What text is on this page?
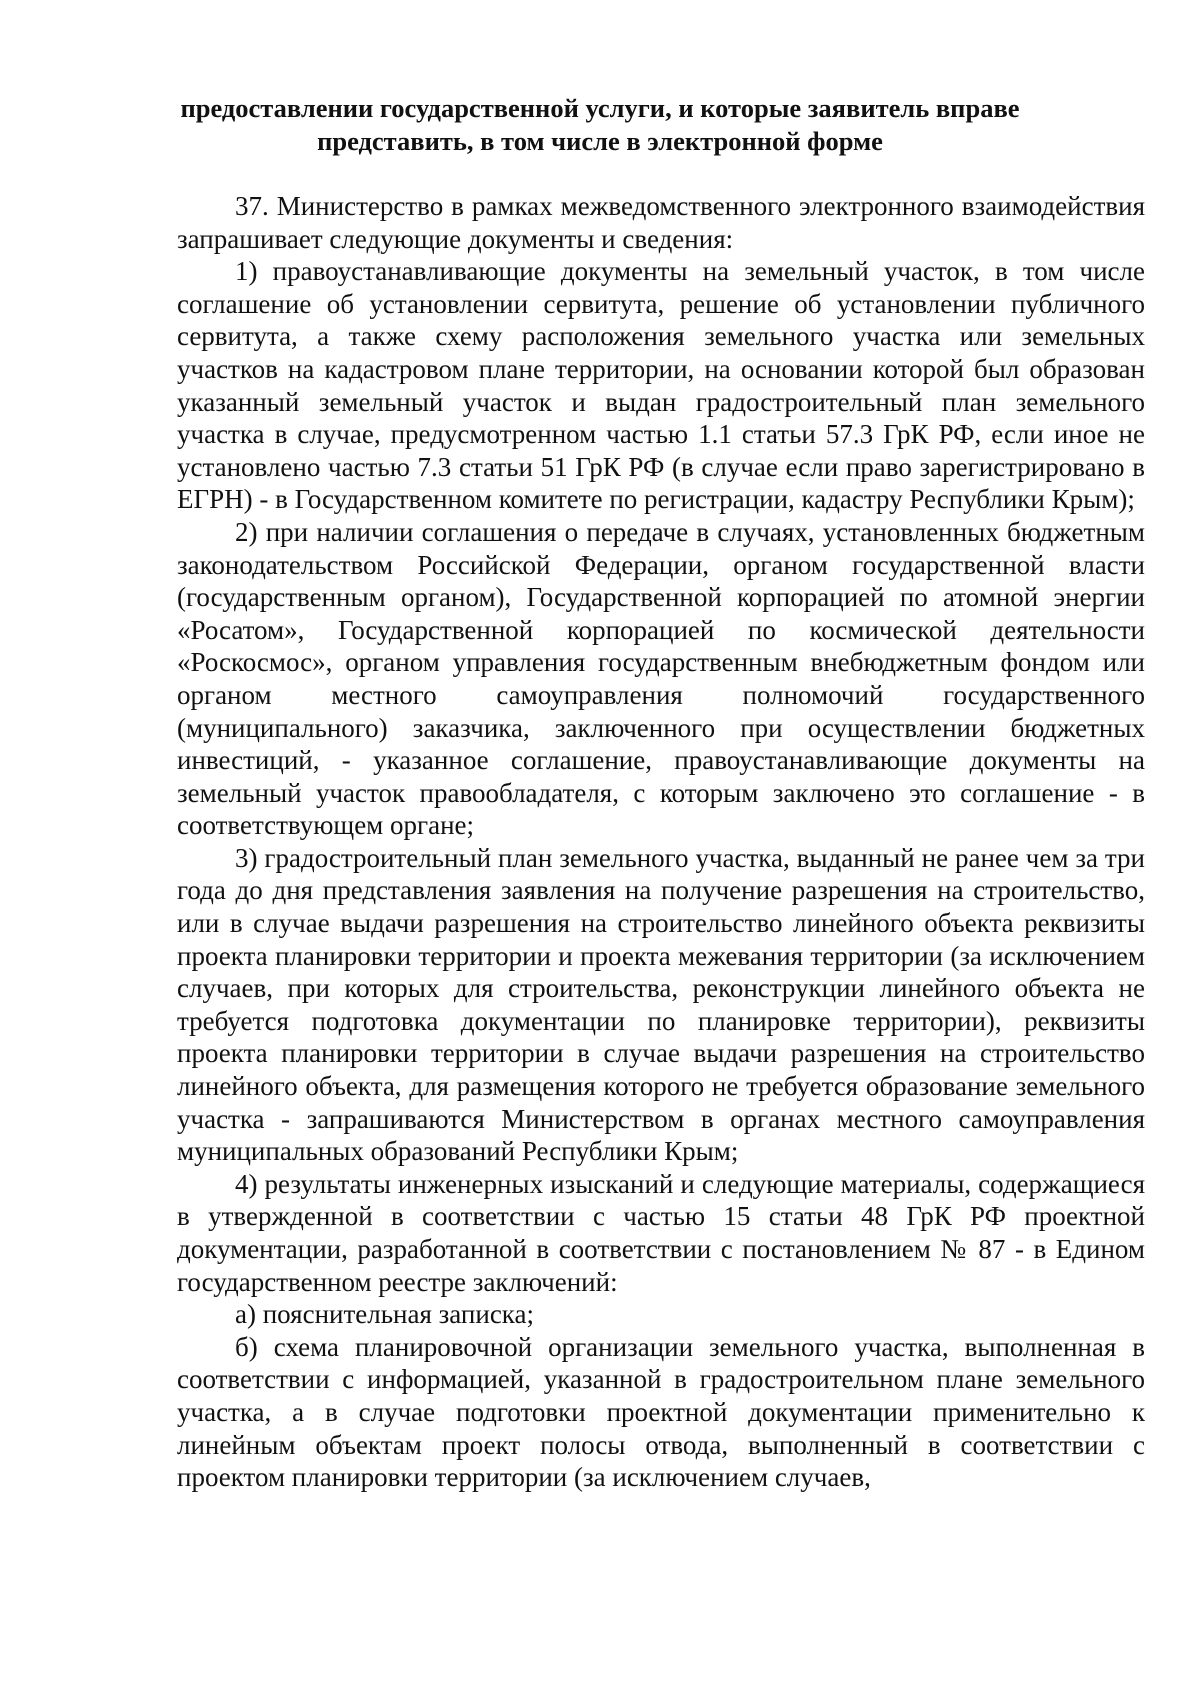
предоставлении государственной услуги, и которые заявитель вправе
представить, в том числе в электронной форме

37. Министерство в рамках межведомственного электронного взаимодействия запрашивает следующие документы и сведения:

1) правоустанавливающие документы на земельный участок, в том числе соглашение об установлении сервитута, решение об установлении публичного сервитута, а также схему расположения земельного участка или земельных участков на кадастровом плане территории, на основании которой был образован указанный земельный участок и выдан градостроительный план земельного участка в случае, предусмотренном частью 1.1 статьи 57.3 ГрК РФ, если иное не установлено частью 7.3 статьи 51 ГрК РФ (в случае если право зарегистрировано в ЕГРН) - в Государственном комитете по регистрации, кадастру Республики Крым);

2) при наличии соглашения о передаче в случаях, установленных бюджетным законодательством Российской Федерации, органом государственной власти (государственным органом), Государственной корпорацией по атомной энергии «Росатом», Государственной корпорацией по космической деятельности «Роскосмос», органом управления государственным внебюджетным фондом или органом местного самоуправления полномочий государственного (муниципального) заказчика, заключенного при осуществлении бюджетных инвестиций, - указанное соглашение, правоустанавливающие документы на земельный участок правообладателя, с которым заключено это соглашение - в соответствующем органе;

3) градостроительный план земельного участка, выданный не ранее чем за три года до дня представления заявления на получение разрешения на строительство, или в случае выдачи разрешения на строительство линейного объекта реквизиты проекта планировки территории и проекта межевания территории (за исключением случаев, при которых для строительства, реконструкции линейного объекта не требуется подготовка документации по планировке территории), реквизиты проекта планировки территории в случае выдачи разрешения на строительство линейного объекта, для размещения которого не требуется образование земельного участка - запрашиваются Министерством в органах местного самоуправления муниципальных образований Республики Крым;

4) результаты инженерных изысканий и следующие материалы, содержащиеся в утвержденной в соответствии с частью 15 статьи 48 ГрК РФ проектной документации, разработанной в соответствии с постановлением № 87 - в Едином государственном реестре заключений:

а) пояснительная записка;

б) схема планировочной организации земельного участка, выполненная в соответствии с информацией, указанной в градостроительном плане земельного участка, а в случае подготовки проектной документации применительно к линейным объектам проект полосы отвода, выполненный в соответствии с проектом планировки территории (за исключением случаев,
